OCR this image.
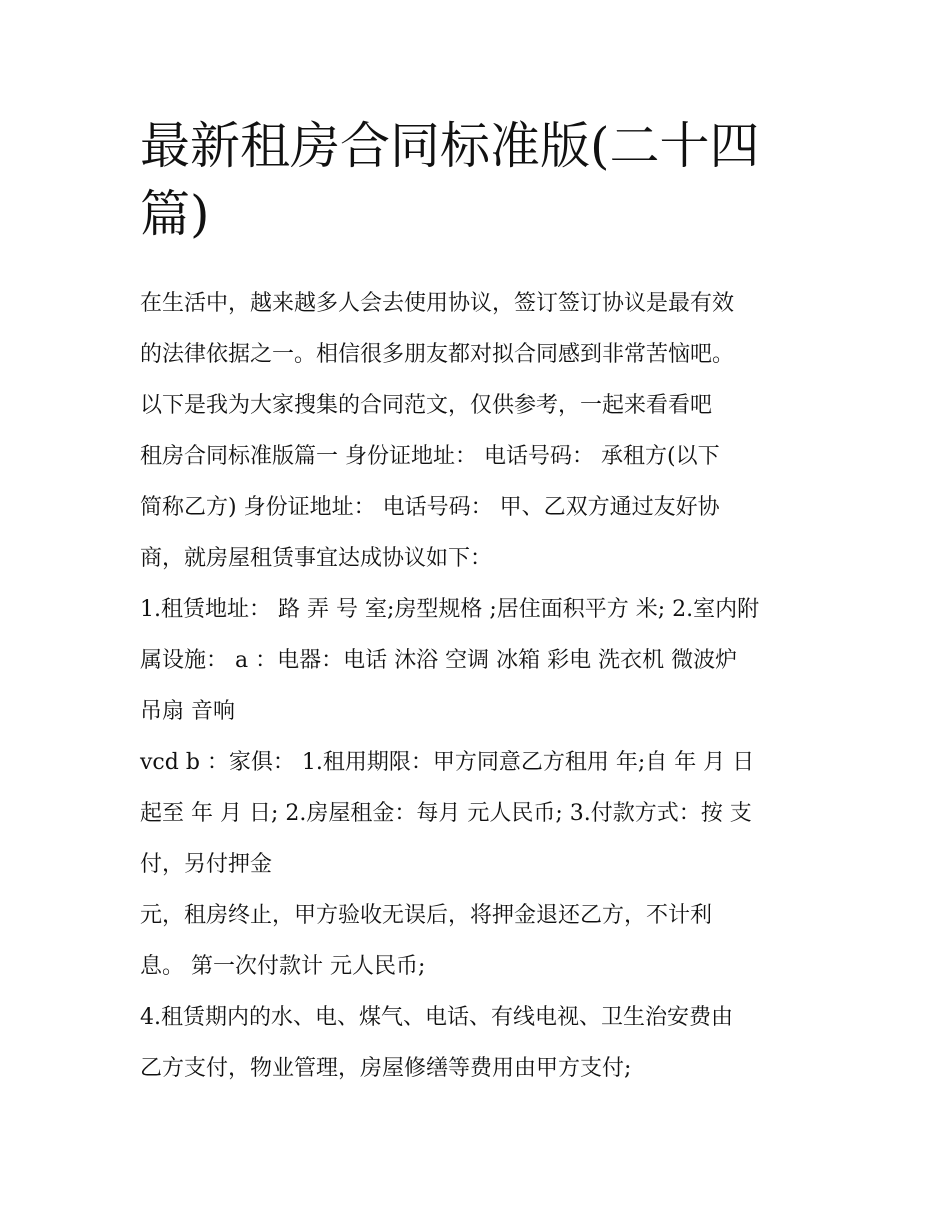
最新租房合同标准版(二十四
篇)

在生活中，越来越多人会去使用协议，签订签订协议是最有效
的法律依据之一。相信很多朋友都对拟合同感到非常苦恼吧。
以下是我为大家搜集的合同范文，仅供参考，一起来看看吧
租房合同标准版篇一 身份证地址： 电话号码： 承租方(以下
简称乙方) 身份证地址： 电话号码： 甲、乙双方通过友好协
商，就房屋租赁事宜达成协议如下：

1.租赁地址： 路 弄 号 室;房型规格 ;居住面积平方 米; 2.室内附
属设施： a ：电器：电话 沐浴 空调 冰箱 彩电 洗衣机 微波炉
吊扇 音响

vcd b ：家俱： 1.租用期限：甲方同意乙方租用 年;自 年 月 日
起至 年 月 日; 2.房屋租金：每月 元人民币; 3.付款方式：按 支
付，另付押金

元，租房终止，甲方验收无误后，将押金退还乙方，不计利
息。 第一次付款计 元人民币;

4.租赁期内的水、电、煤气、电话、有线电视、卫生治安费由
乙方支付，物业管理，房屋修缮等费用由甲方支付;
